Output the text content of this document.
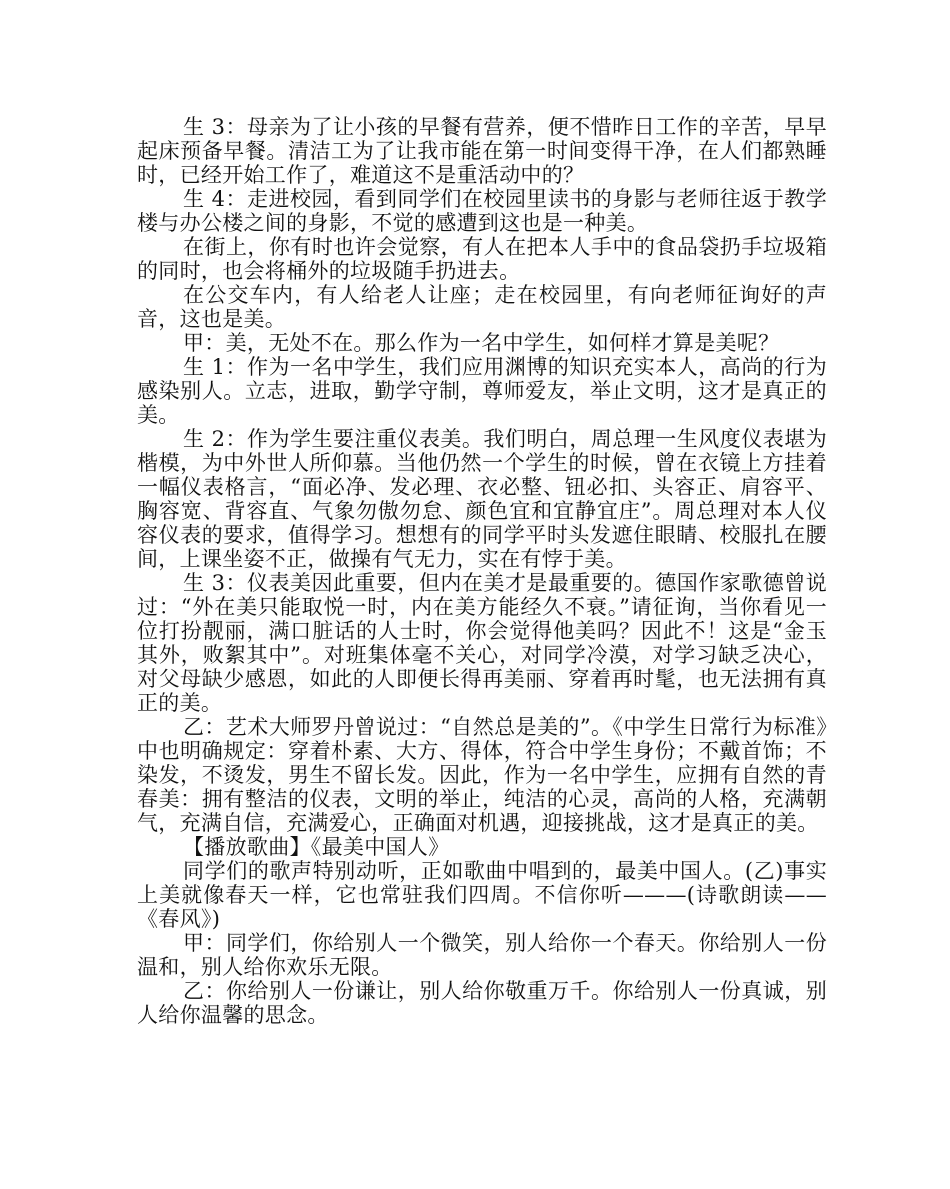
生 3：母亲为了让小孩的早餐有营养，便不惜昨日工作的辛苦，早早起床预备早餐。清洁工为了让我市能在第一时间变得干净，在人们都熟睡时，已经开始工作了，难道这不是重活动中的？

生 4：走进校园，看到同学们在校园里读书的身影与老师往返于教学楼与办公楼之间的身影，不觉的感遭到这也是一种美。

在街上，你有时也许会觉察，有人在把本人手中的食品袋扔手垃圾箱的同时，也会将桶外的垃圾随手扔进去。

在公交车内，有人给老人让座；走在校园里，有向老师征询好的声音，这也是美。

甲：美，无处不在。那么作为一名中学生，如何样才算是美呢？

生 1：作为一名中学生，我们应用渊博的知识充实本人，高尚的行为感染别人。立志，进取，勤学守制，尊师爱友，举止文明，这才是真正的美。

生 2：作为学生要注重仪表美。我们明白，周总理一生风度仪表堪为楷模，为中外世人所仰慕。当他仍然一个学生的时候，曾在衣镜上方挂着一幅仪表格言，“面必净、发必理、衣必整、钮必扣、头容正、肩容平、胸容宽、背容直、气象勿傲勿怠、颜色宜和宜静宜庄”。周总理对本人仪容仪表的要求，值得学习。想想有的同学平时头发遮住眼睛、校服扎在腰间，上课坐姿不正，做操有气无力，实在有悖于美。

生 3：仪表美因此重要，但内在美才是最重要的。德国作家歌德曾说过：“外在美只能取悦一时，内在美方能经久不衰。”请征询，当你看见一位打扮靓丽，满口脏话的人士时，你会觉得他美吗？因此不！这是“金玉其外，败絮其中”。对班集体毫不关心，对同学冷漠，对学习缺乏决心，对父母缺少感恩，如此的人即便长得再美丽、穿着再时髦，也无法拥有真正的美。

乙：艺术大师罗丹曾说过：“自然总是美的”。《中学生日常行为标准》中也明确规定：穿着朴素、大方、得体，符合中学生身份；不戴首饰；不染发，不烫发，男生不留长发。因此，作为一名中学生，应拥有自然的青春美：拥有整洁的仪表，文明的举止，纯洁的心灵，高尚的人格，充满朝气，充满自信，充满爱心，正确面对机遇，迎接挑战，这才是真正的美。

【播放歌曲】《最美中国人》

同学们的歌声特别动听，正如歌曲中唱到的，最美中国人。(乙)事实上美就像春天一样，它也常驻我们四周。不信你听———(诗歌朗读——《春风》)

甲：同学们，你给别人一个微笑，别人给你一个春天。你给别人一份温和，别人给你欢乐无限。

乙：你给别人一份谦让，别人给你敬重万千。你给别人一份真诚，别人给你温馨的思念。
